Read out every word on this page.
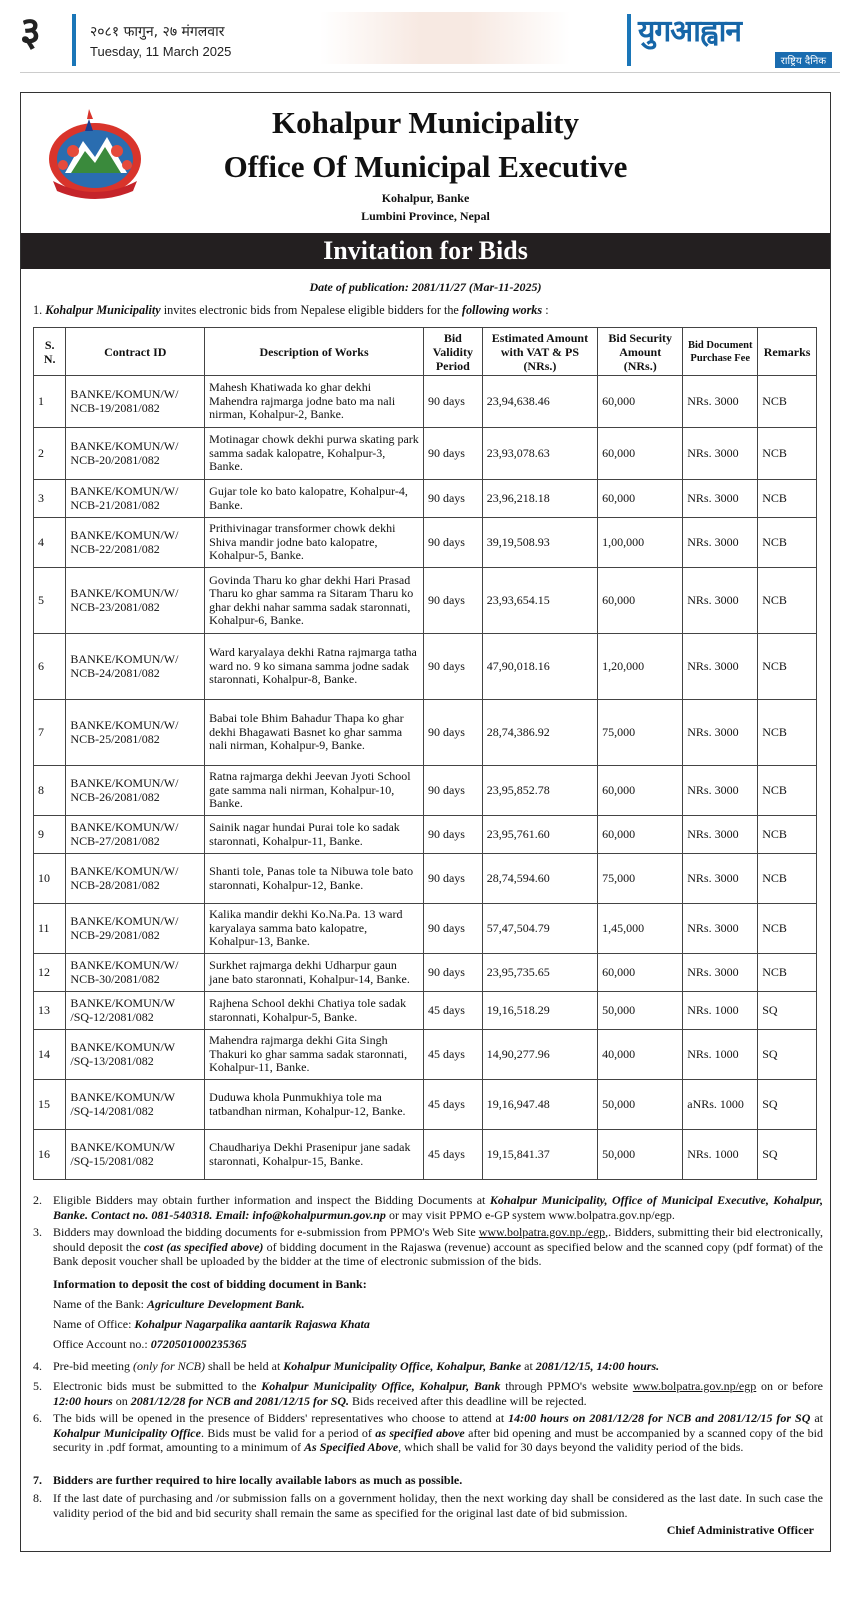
३	२०८१ फागुन, २७ मंगलवार
Tuesday, 11 March 2025
युगआह्वान
राष्ट्रिय दैनिक
Kohalpur Municipality
Office Of Municipal Executive
Kohalpur, Banke
Lumbini Province, Nepal
Invitation for Bids
Date of publication: 2081/11/27 (Mar-11-2025)
1. Kohalpur Municipality invites electronic bids from Nepalese eligible bidders for the following works :
S. N.	Contract ID	Description of Works	Bid Validity Period	Estimated Amount with VAT & PS (NRs.)	Bid Security Amount (NRs.)	Bid Document Purchase Fee	Remarks
1	BANKE/KOMUN/W/ NCB-19/2081/082	Mahesh Khatiwada ko ghar dekhi Mahendra rajmarga jodne bato ma nali nirman, Kohalpur-2, Banke.	90 days	23,94,638.46	60,000	NRs. 3000	NCB
2	BANKE/KOMUN/W/ NCB-20/2081/082	Motinagar chowk dekhi purwa skating park samma sadak kalopatre, Kohalpur-3, Banke.	90 days	23,93,078.63	60,000	NRs. 3000	NCB
3	BANKE/KOMUN/W/ NCB-21/2081/082	Gujar tole ko bato kalopatre, Kohalpur-4, Banke.	90 days	23,96,218.18	60,000	NRs. 3000	NCB
4	BANKE/KOMUN/W/ NCB-22/2081/082	Prithivinagar transformer chowk dekhi Shiva mandir jodne bato kalopatre, Kohalpur-5, Banke.	90 days	39,19,508.93	1,00,000	NRs. 3000	NCB
5	BANKE/KOMUN/W/ NCB-23/2081/082	Govinda Tharu ko ghar dekhi Hari Prasad Tharu ko ghar samma ra Sitaram Tharu ko ghar dekhi nahar samma sadak staronnati, Kohalpur-6, Banke.	90 days	23,93,654.15	60,000	NRs. 3000	NCB
6	BANKE/KOMUN/W/ NCB-24/2081/082	Ward karyalaya dekhi Ratna rajmarga tatha ward no. 9 ko simana samma jodne sadak staronnati, Kohalpur-8, Banke.	90 days	47,90,018.16	1,20,000	NRs. 3000	NCB
7	BANKE/KOMUN/W/ NCB-25/2081/082	Babai tole Bhim Bahadur Thapa ko ghar dekhi Bhagawati Basnet ko ghar samma nali nirman, Kohalpur-9, Banke.	90 days	28,74,386.92	75,000	NRs. 3000	NCB
8	BANKE/KOMUN/W/ NCB-26/2081/082	Ratna rajmarga dekhi Jeevan Jyoti School gate samma nali nirman, Kohalpur-10, Banke.	90 days	23,95,852.78	60,000	NRs. 3000	NCB
9	BANKE/KOMUN/W/ NCB-27/2081/082	Sainik nagar hundai Purai tole ko sadak staronnati, Kohalpur-11, Banke.	90 days	23,95,761.60	60,000	NRs. 3000	NCB
10	BANKE/KOMUN/W/ NCB-28/2081/082	Shanti tole, Panas tole ta Nibuwa tole bato staronnati, Kohalpur-12, Banke.	90 days	28,74,594.60	75,000	NRs. 3000	NCB
11	BANKE/KOMUN/W/ NCB-29/2081/082	Kalika mandir dekhi Ko.Na.Pa. 13 ward karyalaya samma bato kalopatre, Kohalpur-13, Banke.	90 days	57,47,504.79	1,45,000	NRs. 3000	NCB
12	BANKE/KOMUN/W/ NCB-30/2081/082	Surkhet rajmarga dekhi Udharpur gaun jane bato staronnati, Kohalpur-14, Banke.	90 days	23,95,735.65	60,000	NRs. 3000	NCB
13	BANKE/KOMUN/W /SQ-12/2081/082	Rajhena School dekhi Chatiya tole sadak staronnati, Kohalpur-5, Banke.	45 days	19,16,518.29	50,000	NRs. 1000	SQ
14	BANKE/KOMUN/W /SQ-13/2081/082	Mahendra rajmarga dekhi Gita Singh Thakuri ko ghar samma sadak staronnati, Kohalpur-11, Banke.	45 days	14,90,277.96	40,000	NRs. 1000	SQ
15	BANKE/KOMUN/W /SQ-14/2081/082	Duduwa khola Punmukhiya tole ma tatbandhan nirman, Kohalpur-12, Banke.	45 days	19,16,947.48	50,000	aNRs. 1000	SQ
16	BANKE/KOMUN/W /SQ-15/2081/082	Chaudhariya Dekhi Prasenipur jane sadak staronnati, Kohalpur-15, Banke.	45 days	19,15,841.37	50,000	NRs. 1000	SQ
2. Eligible Bidders may obtain further information and inspect the Bidding Documents at Kohalpur Municipality, Office of Municipal Executive, Kohalpur, Banke. Contact no. 081-540318. Email: info@kohalpurmun.gov.np or may visit PPMO e-GP system www.bolpatra.gov.np/egp.
3. Bidders may download the bidding documents for e-submission from PPMO's Web Site www.bolpatra.gov.np./egp,. Bidders, submitting their bid electronically, should deposit the cost (as specified above) of bidding document in the Rajaswa (revenue) account as specified below and the scanned copy (pdf format) of the Bank deposit voucher shall be uploaded by the bidder at the time of electronic submission of the bids.
Information to deposit the cost of bidding document in Bank:
Name of the Bank: Agriculture Development Bank.
Name of Office: Kohalpur Nagarpalika aantarik Rajaswa Khata
Office Account no.: 0720501000235365
4. Pre-bid meeting (only for NCB) shall be held at Kohalpur Municipality Office, Kohalpur, Banke at 2081/12/15, 14:00 hours.
5. Electronic bids must be submitted to the Kohalpur Municipality Office, Kohalpur, Bank through PPMO's website www.bolpatra.gov.np/egp on or before 12:00 hours on 2081/12/28 for NCB and 2081/12/15 for SQ. Bids received after this deadline will be rejected.
6. The bids will be opened in the presence of Bidders' representatives who choose to attend at 14:00 hours on 2081/12/28 for NCB and 2081/12/15 for SQ at Kohalpur Municipality Office. Bids must be valid for a period of as specified above after bid opening and must be accompanied by a scanned copy of the bid security in .pdf format, amounting to a minimum of As Specified Above, which shall be valid for 30 days beyond the validity period of the bids.
7. Bidders are further required to hire locally available labors as much as possible.
8. If the last date of purchasing and /or submission falls on a government holiday, then the next working day shall be considered as the last date. In such case the validity period of the bid and bid security shall remain the same as specified for the original last date of bid submission.
Chief Administrative Officer
